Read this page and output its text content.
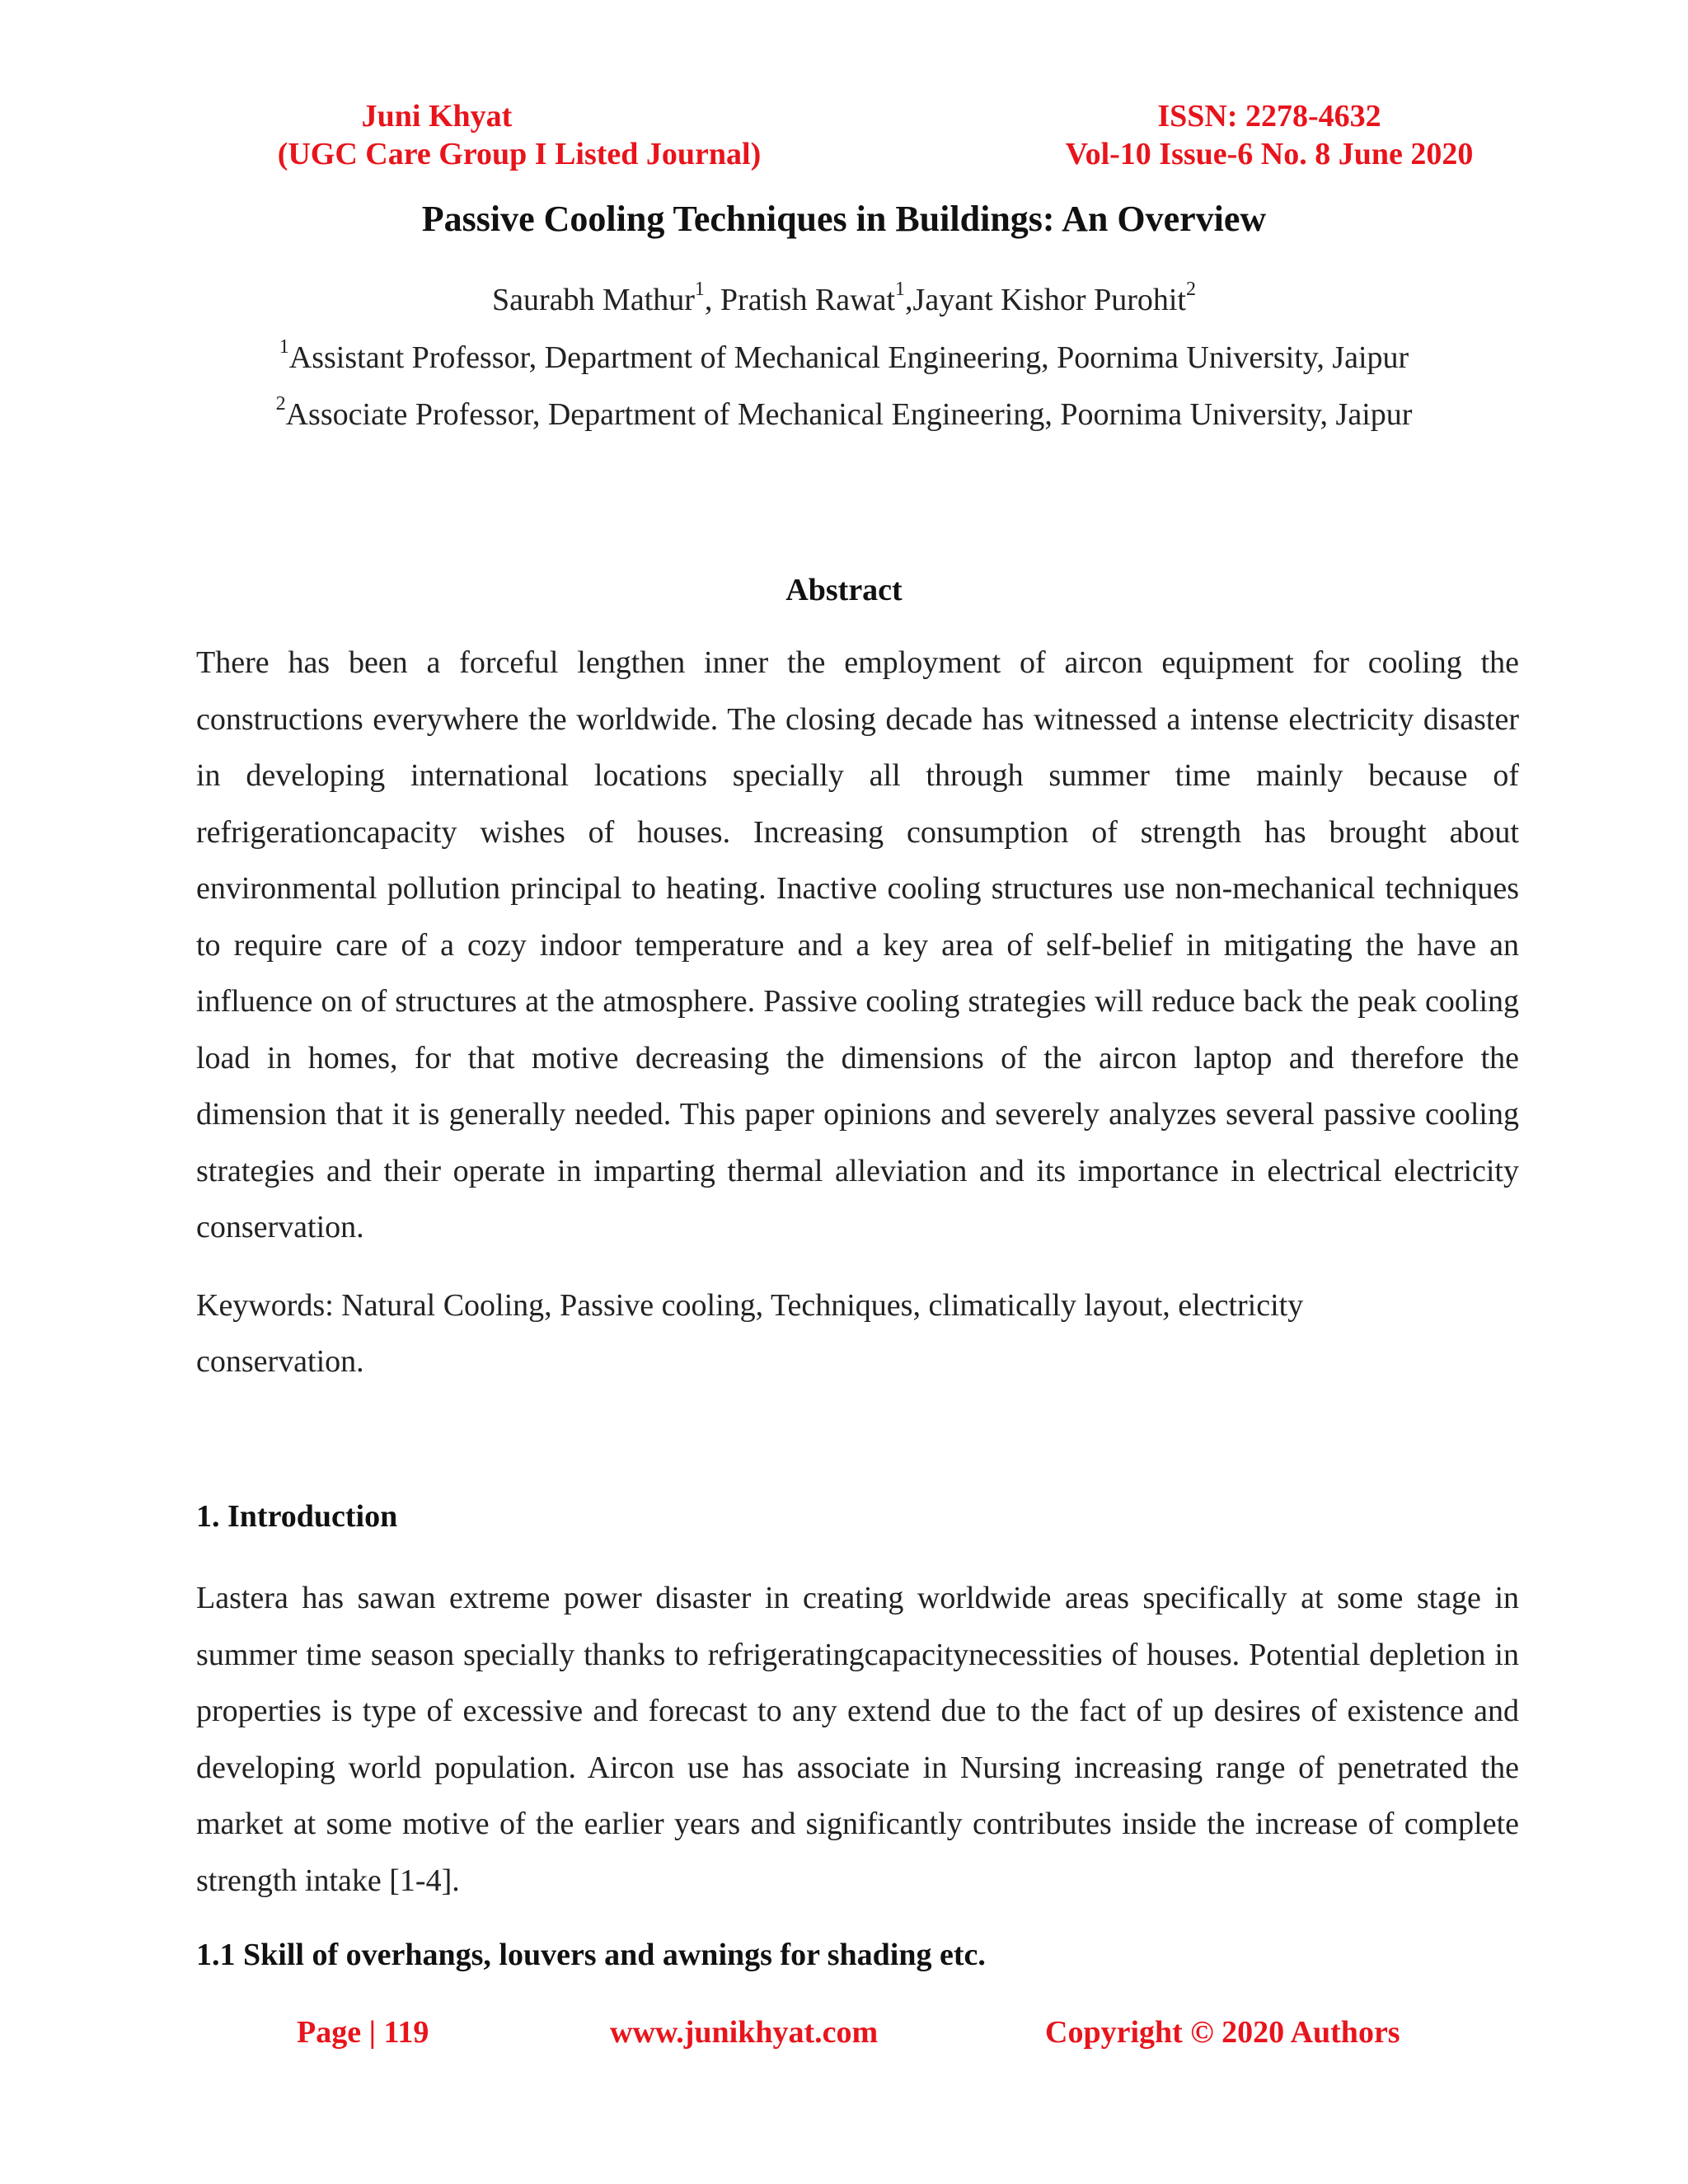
Juni Khyat
(UGC Care Group I Listed Journal)
ISSN: 2278-4632
Vol-10 Issue-6 No. 8 June 2020
Passive Cooling Techniques in Buildings: An Overview
Saurabh Mathur$^1$, Pratish Rawat$^1$,Jayant Kishor Purohit$^2$
$^1$Assistant Professor, Department of Mechanical Engineering, Poornima University, Jaipur
$^2$Associate Professor, Department of Mechanical Engineering, Poornima University, Jaipur
Abstract
There has been a forceful lengthen inner the employment of aircon equipment for cooling the constructions everywhere the worldwide. The closing decade has witnessed a intense electricity disaster in developing international locations specially all through summer time mainly because of refrigerationcapacity wishes of houses. Increasing consumption of strength has brought about environmental pollution principal to heating. Inactive cooling structures use non-mechanical techniques to require care of a cozy indoor temperature and a key area of self-belief in mitigating the have an influence on of structures at the atmosphere. Passive cooling strategies will reduce back the peak cooling load in homes, for that motive decreasing the dimensions of the aircon laptop and therefore the dimension that it is generally needed. This paper opinions and severely analyzes several passive cooling strategies and their operate in imparting thermal alleviation and its importance in electrical electricity conservation.
Keywords: Natural Cooling, Passive cooling, Techniques, climatically layout, electricity conservation.
1. Introduction
Lastera has sawan extreme power disaster in creating worldwide areas specifically at some stage in summer time season specially thanks to refrigeratingcapacitynecessities of houses. Potential depletion in properties is type of excessive and forecast to any extend due to the fact of up desires of existence and developing world population. Aircon use has associate in Nursing increasing range of penetrated the market at some motive of the earlier years and significantly contributes inside the increase of complete strength intake [1-4].
1.1 Skill of overhangs, louvers and awnings for shading etc.
Page | 119	www.junikhyat.com	Copyright © 2020 Authors
